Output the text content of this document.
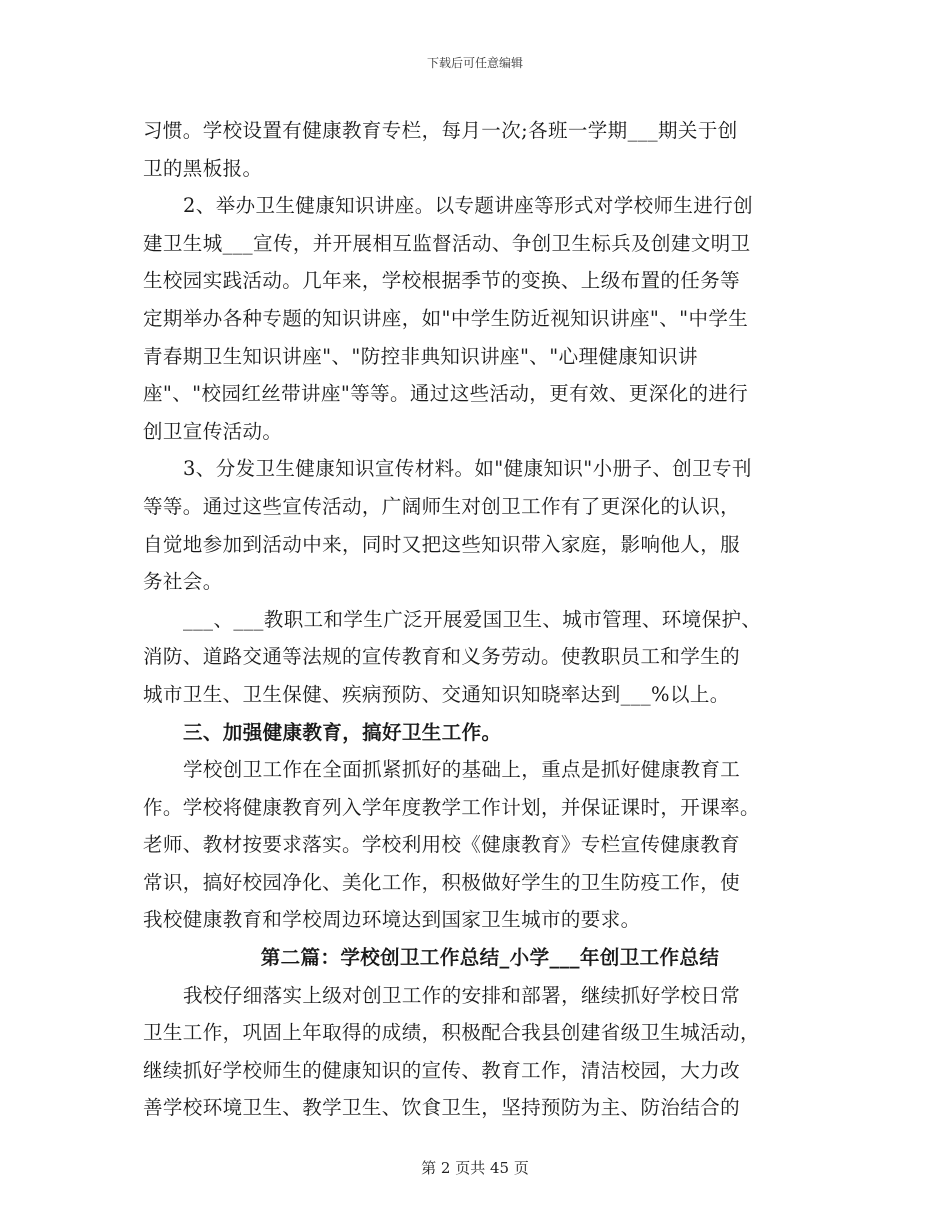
下载后可任意编辑
习惯。学校设置有健康教育专栏，每月一次;各班一学期___期关于创
卫的黑板报。
2、举办卫生健康知识讲座。以专题讲座等形式对学校师生进行创
建卫生城___宣传，并开展相互监督活动、争创卫生标兵及创建文明卫
生校园实践活动。几年来，学校根据季节的变换、上级布置的任务等
定期举办各种专题的知识讲座，如"中学生防近视知识讲座"、"中学生
青春期卫生知识讲座"、"防控非典知识讲座"、"心理健康知识讲
座"、"校园红丝带讲座"等等。通过这些活动，更有效、更深化的进行
创卫宣传活动。
3、分发卫生健康知识宣传材料。如"健康知识"小册子、创卫专刊
等等。通过这些宣传活动，广阔师生对创卫工作有了更深化的认识，
自觉地参加到活动中来，同时又把这些知识带入家庭，影响他人，服
务社会。
___、___教职工和学生广泛开展爱国卫生、城市管理、环境保护、
消防、道路交通等法规的宣传教育和义务劳动。使教职员工和学生的
城市卫生、卫生保健、疾病预防、交通知识知晓率达到___%以上。
三、加强健康教育，搞好卫生工作。
学校创卫工作在全面抓紧抓好的基础上，重点是抓好健康教育工
作。学校将健康教育列入学年度教学工作计划，并保证课时，开课率。
老师、教材按要求落实。学校利用校《健康教育》专栏宣传健康教育
常识，搞好校园净化、美化工作，积极做好学生的卫生防疫工作，使
我校健康教育和学校周边环境达到国家卫生城市的要求。
第二篇：学校创卫工作总结_小学___年创卫工作总结
我校仔细落实上级对创卫工作的安排和部署，继续抓好学校日常
卫生工作，巩固上年取得的成绩，积极配合我县创建省级卫生城活动，
继续抓好学校师生的健康知识的宣传、教育工作，清洁校园，大力改
善学校环境卫生、教学卫生、饮食卫生，坚持预防为主、防治结合的
第 2 页共 45 页
